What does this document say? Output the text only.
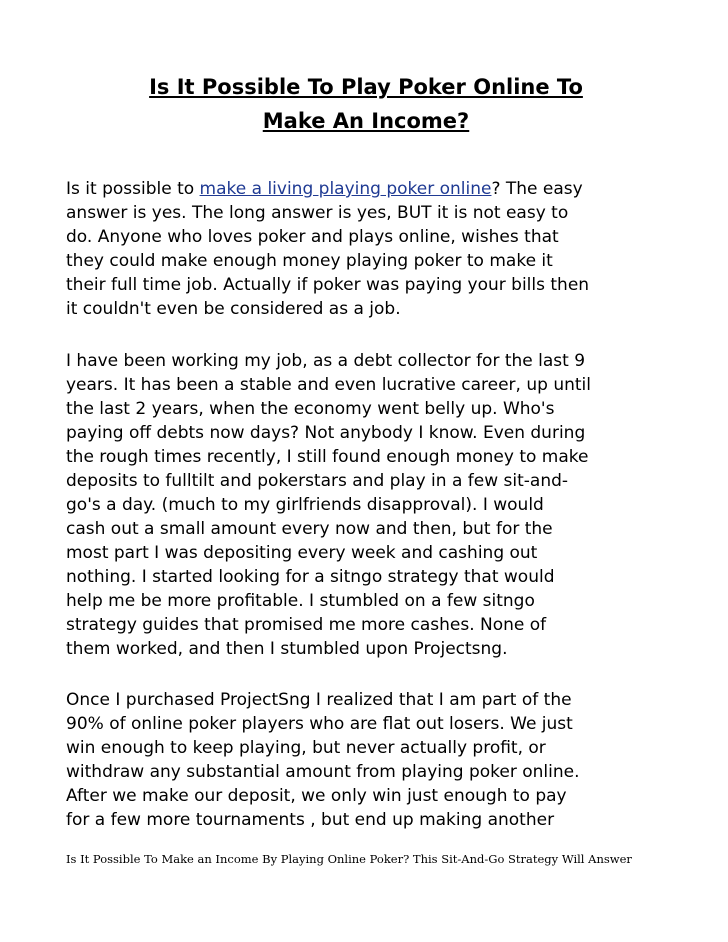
Is It Possible To Play Poker Online To
Make An Income?
Is it possible to make a living playing poker online? The easy
answer is yes. The long answer is yes, BUT it is not easy to
do. Anyone who loves poker and plays online, wishes that
they could make enough money playing poker to make it
their full time job. Actually if poker was paying your bills then
it couldn't even be considered as a job.
I have been working my job, as a debt collector for the last 9
years. It has been a stable and even lucrative career, up until
the last 2 years, when the economy went belly up. Who's
paying off debts now days? Not anybody I know. Even during
the rough times recently, I still found enough money to make
deposits to fulltilt and pokerstars and play in a few sit-and-
go's a day. (much to my girlfriends disapproval). I would
cash out a small amount every now and then, but for the
most part I was depositing every week and cashing out
nothing. I started looking for a sitngo strategy that would
help me be more profitable. I stumbled on a few sitngo
strategy guides that promised me more cashes. None of
them worked, and then I stumbled upon Projectsng.
Once I purchased ProjectSng I realized that I am part of the
90% of online poker players who are flat out losers. We just
win enough to keep playing, but never actually profit, or
withdraw any substantial amount from playing poker online.
After we make our deposit, we only win just enough to pay
for a few more tournaments , but end up making another

Is It Possible To Make an Income By Playing Online Poker? This Sit-And-Go Strategy Will Answer
